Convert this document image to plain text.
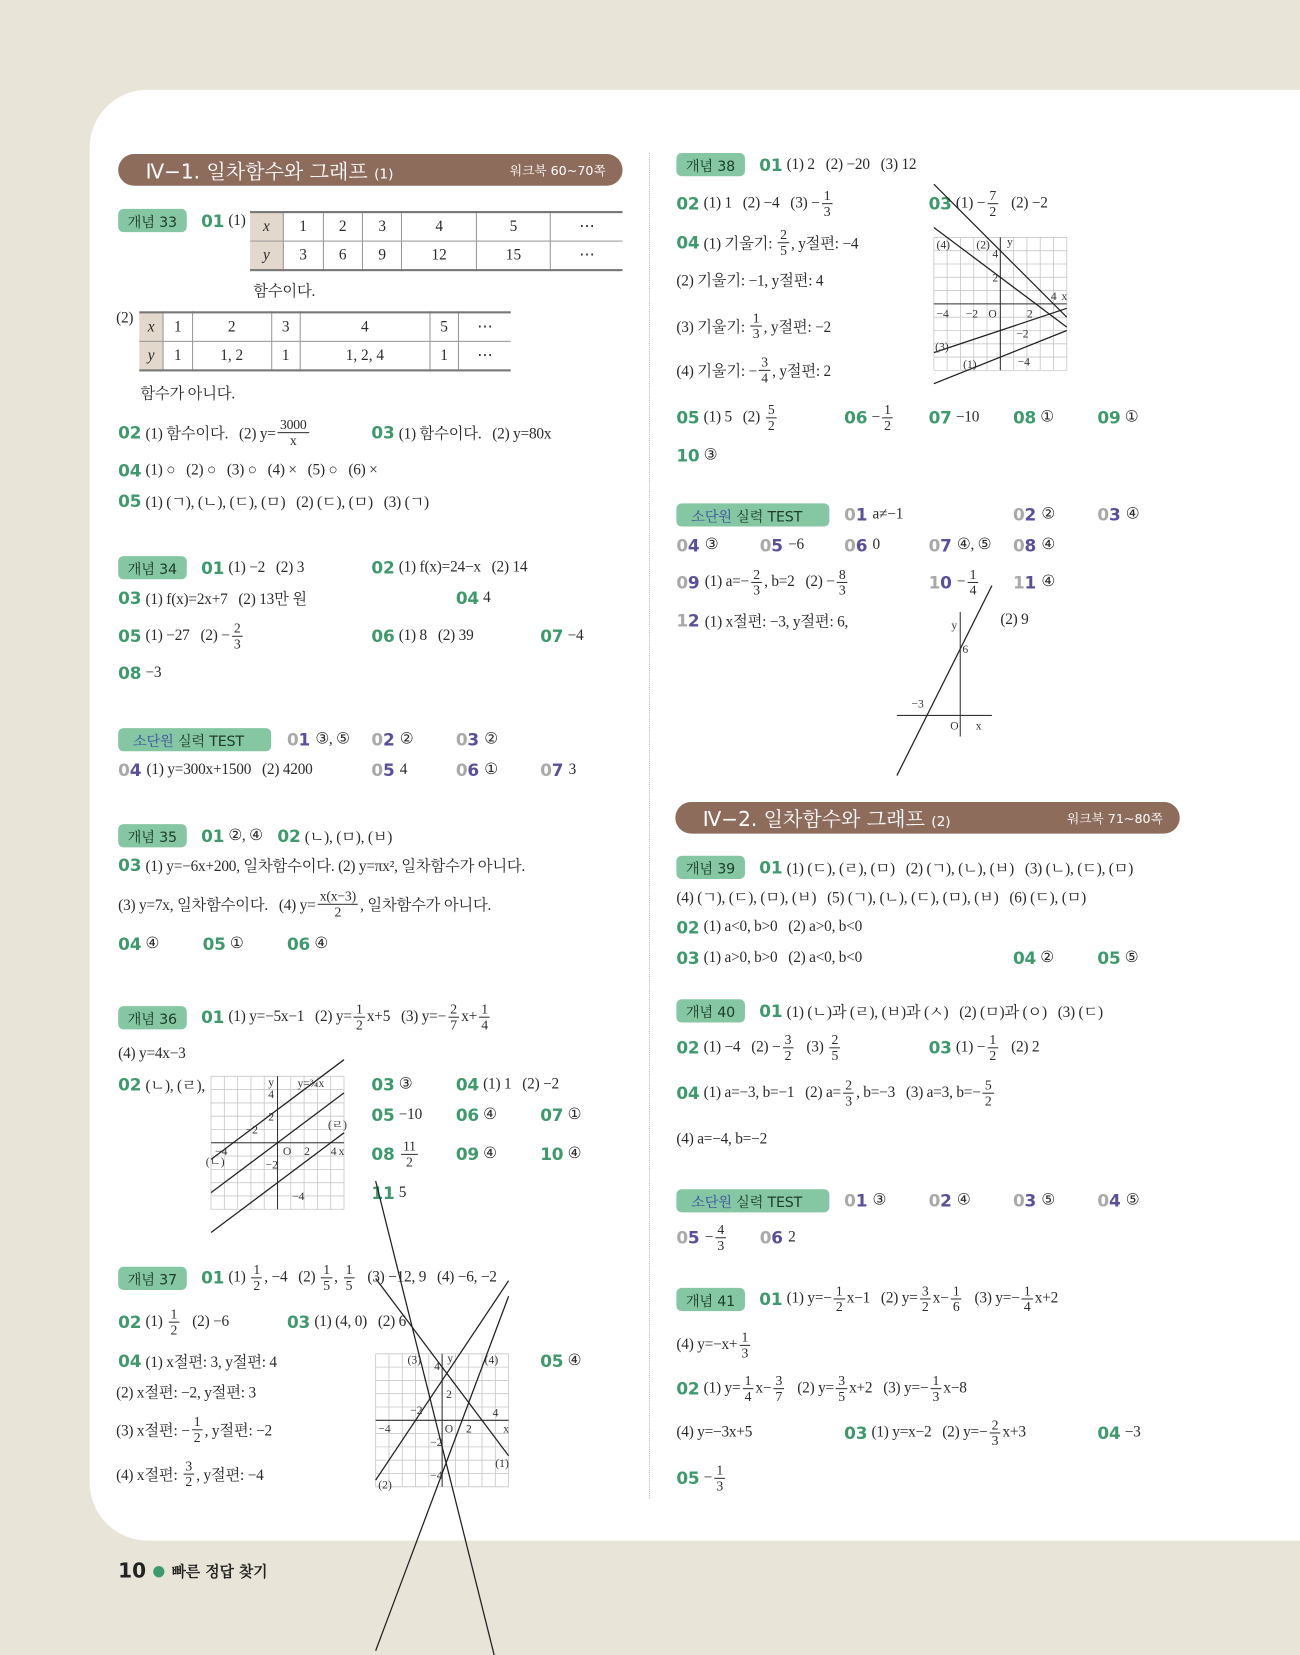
Ⅳ−1. 일차함수와 그래프 (1)	워크북 60~70쪽
Ⅳ−2. 일차함수와 그래프 (2)	워크북 71~80쪽
x	1	2	3	4	5	⋯
y	3	6	9	12	15	⋯
x	1	2	3	4	5	⋯
y	1	1, 2	1	1, 2, 4	1	⋯
10 ● 빠른 정답 찾기
개념 33	01 (1)
함수이다.
(2)
함수가 아니다.
02 (1) 함수이다.   (2) $y= \frac{3000}{x}$	03 (1) 함수이다.   (2) y=80x
04 (1) ○   (2) ○   (3) ○   (4) ×   (5) ○   (6) ×
05 (1) (ㄱ), (ㄴ), (ㄷ), (ㅁ)   (2) (ㄷ), (ㅁ)   (3) (ㄱ)
개념 34	01 (1) −2   (2) 3	02 (1) f(x)=24−x   (2) 14
03 (1) f(x)=2x+7   (2) 13만 원	04 4
05 (1) −27   $(2) - \frac{2}{3}$	06 (1) 8   (2) 39	07 −4
08 −3
소단원 실력 TEST	01 ③, ⑤ 02 ②	03 ②
04 (1) y=300x+1500   (2) 4200	05 4	06 ①	07 3
개념 35	01 ②, ④ 02 (ㄴ), (ㅁ), (ㅂ)
03 (1) y=−6x+200, 일차함수이다. (2) y=πx², 일차함수가 아니다.
(3) y=7x, 일차함수이다.   (4) $y= \frac{x(x-3)}{2}$ , 일차함수가 아니다.
04 ④	05 ①	06 ④
개념 36	01 (1) y=−5x−1   (2) $y= \frac{1}{2} x+5$   (3) $y=- \frac{2}{7} x+ \frac{1}{4}$
(4) y=4x−3
02 (ㄴ), (ㄹ),	03 ③	04 (1) 1   (2) −2
05 −10 06 ④	07 ①
$08 \frac{11}{2} 09$ ④	10 ④
11 5
개념 37	01 $(1) \frac{1}{2}$ , −4   $(2) \frac{1}{5}$ , $\frac{1}{5} (3) -12$, 9   (4) −6, −2
02 $(1) \frac{1}{2} (2) -6$	03 (1) (4, 0)   (2) 6
04 (1) x절편: 3, y절편: 4	05 ④
(2) x절편: −2, y절편: 3
(3) x절편: − $\frac{1}{2}$ , y절편: −2
(4) x절편: $\frac{3}{2}$ , y절편: −4
개념 38	01 (1) 2   (2) −20   (3) 12
02 (1) 1   (2) −4   $(3) - \frac{1}{3}$	03 $(1) - \frac{7}{2} (2) -2$
04 (1) 기울기: $\frac{2}{5}$ , y절편: −4
(2) 기울기: −1, y절편: 4
(3) 기울기: $\frac{1}{3}$ , y절편: −2
(4) 기울기: − $\frac{3}{4}$ , y절편: 2
05 (1) 5   $(2) \frac{5}{2}$	$06 - \frac{1}{2} 07 -10$ 08 ①	09 ①
10 ③
소단원 실력 TEST	01 a≠−1	02 ②	03 ④
04 ③	05 −6	06 0	07 ④, ⑤ 08 ④
09 (1) $a=- \frac{2}{3}$ , b=2   $(2) - \frac{8}{3}$	$10 - \frac{1}{4} 11$ ④
12 (1) x절편: −3, y절편: 6,	(2) 9
개념 39	01 (1) (ㄷ), (ㄹ), (ㅁ)   (2) (ㄱ), (ㄴ), (ㅂ)   (3) (ㄴ), (ㄷ), (ㅁ)
(4) (ㄱ), (ㄷ), (ㅁ), (ㅂ)   (5) (ㄱ), (ㄴ), (ㄷ), (ㅁ), (ㅂ)   (6) (ㄷ), (ㅁ)
02 (1) a<0, b>0   (2) a>0, b<0
03 (1) a>0, b>0   (2) a<0, b<0	04 ②	05 ⑤
개념 40	01 (1) (ㄴ)과 (ㄹ), (ㅂ)과 (ㅅ)   (2) (ㅁ)과 (ㅇ)   (3) (ㄷ)
02 (1) −4   $(2) - \frac{3}{2} (3) \frac{2}{5}$	03 $(1) - \frac{1}{2} (2)$ 2
04 (1) a=−3, b=−1   (2) $a= \frac{2}{3}$ , b=−3   (3) a=3, $b=- \frac{5}{2}$
(4) a=−4, b=−2
소단원 실력 TEST	01 ③	02 ④	03 ⑤	04 ⑤
$05 - \frac{4}{3} 06$ 2
개념 41	01 (1) $y=- \frac{1}{2} x-1$   (2) $y= \frac{3}{2} x- \frac{1}{6} (3)$ $y=- \frac{1}{4} x+2$
(4) $y=-x+ \frac{1}{3}$
02 (1) $y= \frac{1}{4} x- \frac{3}{7} (2)$ $y= \frac{3}{5} x+2$   (3) $y=- \frac{1}{3} x-8$
(4) y=−3x+5	03 (1) y=x−2   (2) $y=- \frac{2}{3} x+3$	04 −3
$05 - \frac{1}{3}$
y y=¾x
4
2
−2
−4	O 2 4 x
(ㄹ)
(ㄴ)	−2
−4
(3) y
4
(4)
2
−2
−4	O 2
4
x
−2
(1)
−4
(2)
(4) (2) y
4
2
4 x
−4 −2 O	2
−2
(3)
(1)	−4
y
6
−3
O x
